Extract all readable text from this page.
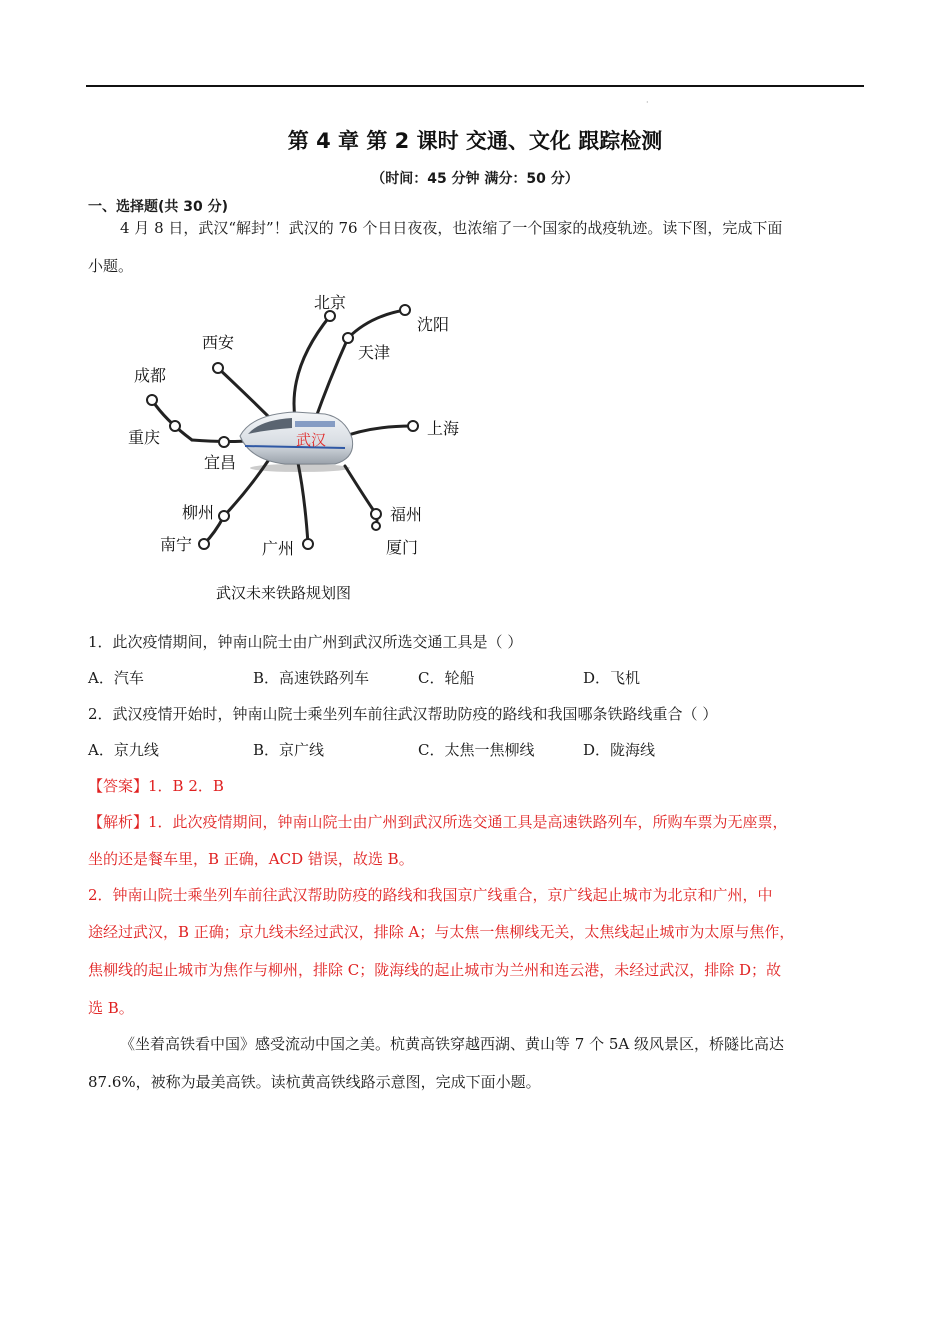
·
第 4 章 第 2 课时 交通、文化 跟踪检测
（时间：45 分钟 满分：50 分）
一、选择题(共 30 分)
4 月 8 日，武汉“解封”！武汉的 76 个日日夜夜，也浓缩了一个国家的战疫轨迹。读下图，完成下面
小题。
武汉
北京
沈阳
天津
西安
成都
重庆
宜昌
上海
柳州
南宁	广州
福州
厦门
武汉未来铁路规划图
1．此次疫情期间，钟南山院士由广州到武汉所选交通工具是（ ）
A．汽车	B．高速铁路列车	C．轮船	D．飞机
2．武汉疫情开始时，钟南山院士乘坐列车前往武汉帮助防疫的路线和我国哪条铁路线重合（ ）
A．京九线	B．京广线	C．太焦一焦柳线	D．陇海线
【答案】1．B 2．B
【解析】1．此次疫情期间，钟南山院士由广州到武汉所选交通工具是高速铁路列车，所购车票为无座票，
坐的还是餐车里，B 正确，ACD 错误，故选 B。
2．钟南山院士乘坐列车前往武汉帮助防疫的路线和我国京广线重合，京广线起止城市为北京和广州，中
途经过武汉，B 正确；京九线未经过武汉，排除 A；与太焦一焦柳线无关，太焦线起止城市为太原与焦作，
焦柳线的起止城市为焦作与柳州，排除 C；陇海线的起止城市为兰州和连云港，未经过武汉，排除 D；故
选 B。
《坐着高铁看中国》感受流动中国之美。杭黄高铁穿越西湖、黄山等 7 个 5A 级风景区，桥隧比高达
87.6%，被称为最美高铁。读杭黄高铁线路示意图，完成下面小题。
